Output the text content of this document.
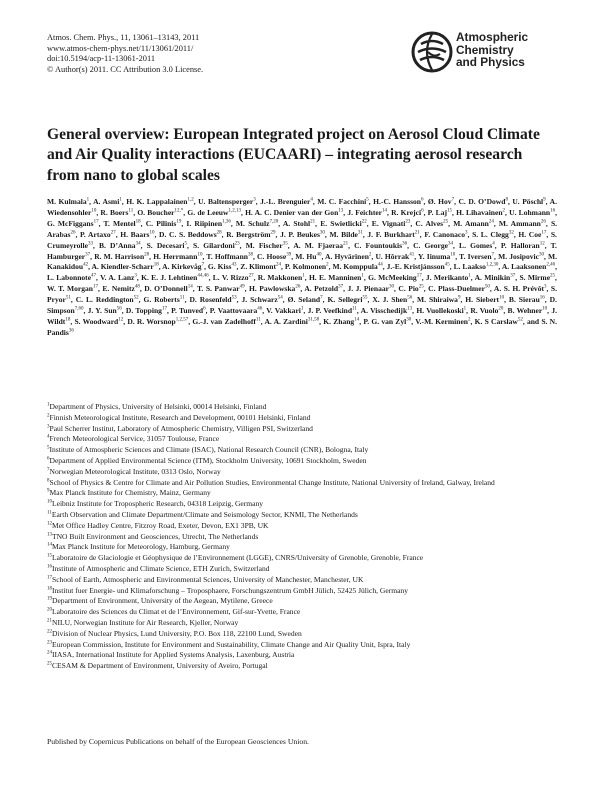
Atmos. Chem. Phys., 11, 13061–13143, 2011
www.atmos-chem-phys.net/11/13061/2011/
doi:10.5194/acp-11-13061-2011
© Author(s) 2011. CC Attribution 3.0 License.
Atmospheric
Chemistry
and Physics
General overview: European Integrated project on Aerosol Cloud Climate and Air Quality interactions (EUCAARI) – integrating aerosol research from nano to global scales

M. Kulmala$^1$, A. Asmi$^1$, H. K. Lappalainen$^{1,2}$, U. Baltensperger$^3$, J.-L. Brenguier$^4$, M. C. Facchini$^5$, H.-C. Hansson$^6$, Ø. Hov$^7$, C. D. O’Dowd$^8$, U. Pöschl$^9$, A. Wiedensohler$^{10}$, R. Boers$^{11}$, O. Boucher$^{12,*}$, G. de Leeuw$^{1,2,13}$, H. A. C. Denier van der Gon$^{13}$, J. Feichter$^{14}$, R. Krejci$^6$, P. Laj$^{15}$, H. Lihavainen$^2$, U. Lohmann$^{16}$, G. McFiggans$^{17}$, T. Mentel$^{18}$, C. Pilinis$^{19}$, I. Riipinen$^{1,36}$, M. Schulz$^{7,20}$, A. Stohl$^{21}$, E. Swietlicki$^{22}$, E. Vignati$^{23}$, C. Alves$^{25}$, M. Amann$^{24}$, M. Ammann$^{26}$, S. Arabas$^{26}$, P. Artaxo$^{27}$, H. Baars$^{10}$, D. C. S. Beddows$^{28}$, R. Bergström$^{29}$, J. P. Beukes$^{30}$, M. Bilde$^{31}$, J. F. Burkhart$^{21}$, F. Canonaco$^3$, S. L. Clegg$^{32}$, H. Coe$^{17}$, S. Crumeyrolle$^{33}$, B. D’Anna$^{34}$, S. Decesari$^5$, S. Gilardoni$^{23}$, M. Fischer$^{35}$, A. M. Fjaeraa$^{21}$, C. Fountoukis$^{36}$, C. George$^{34}$, L. Gomes$^4$, P. Halloran$^{12}$, T. Hamburger$^{37}$, R. M. Harrison$^{28}$, H. Herrmann$^{10}$, T. Hoffmann$^{38}$, C. Hoose$^{39}$, M. Hu$^{40}$, A. Hyvärinen$^2$, U. Hõrrak$^{41}$, Y. Iinuma$^{10}$, T. Iversen$^7$, M. Josipovic$^{30}$, M. Kanakidou$^{42}$, A. Kiendler-Scharr$^{18}$, A. Kirkevåg$^7$, G. Kiss$^{43}$, Z. Klimont$^{24}$, P. Kolmonen$^2$, M. Komppula$^{44}$, J.-E. Kristjánsson$^{45}$, L. Laakso$^{1,2,30}$, A. Laaksonen$^{2,46}$, L. Labonnote$^{47}$, V. A. Lanz$^3$, K. E. J. Lehtinen$^{44,46}$, L. V. Rizzo$^{27}$, R. Makkonen$^1$, H. E. Manninen$^1$, G. McMeeking$^{17}$, J. Merikanto$^1$, A. Minikin$^{37}$, S. Mirme$^{25}$, W. T. Morgan$^{17}$, E. Nemitz$^{48}$, D. O’Donnell$^{14}$, T. S. Panwar$^{49}$, H. Pawlowska$^{26}$, A. Petzold$^{37}$, J. J. Pienaar$^{30}$, C. Pio$^{25}$, C. Plass-Duelmer$^{50}$, A. S. H. Prévôt$^3$, S. Pryor$^{51}$, C. L. Reddington$^{52}$, G. Roberts$^{11}$, D. Rosenfeld$^{53}$, J. Schwarz$^{54}$, Ø. Seland$^7$, K. Sellegri$^{55}$, X. J. Shen$^{56}$, M. Shiraiwa$^9$, H. Siebert$^{10}$, B. Sierau$^{16}$, D. Simpson$^{7,60}$, J. Y. Sun$^{56}$, D. Topping$^{17}$, P. Tunved$^6$, P. Vaattovaara$^{46}$, V. Vakkari$^1$, J. P. Veefkind$^{11}$, A. Visschedijk$^{13}$, H. Vuollekoski$^1$, R. Vuolo$^{20}$, B. Wehner$^{10}$, J. Wildt$^{18}$, S. Woodward$^{12}$, D. R. Worsnop$^{1,2,57}$, G.-J. van Zadelhoff$^{11}$, A. A. Zardini$^{31,58}$, K. Zhang$^{14}$, P. G. van Zyl$^{30}$, V.-M. Kerminen$^2$, K. S Carslaw$^{52}$, and S. N. Pandis$^{36}$

$^1$Department of Physics, University of Helsinki, 00014 Helsinki, Finland
$^2$Finnish Meteorological Institute, Research and Development, 00101 Helsinki, Finland
$^3$Paul Scherrer Institut, Laboratory of Atmospheric Chemistry, Villigen PSI, Switzerland
$^4$French Meteorological Service, 31057 Toulouse, France
$^5$Institute of Atmospheric Sciences and Climate (ISAC), National Research Council (CNR), Bologna, Italy
$^6$Department of Applied Environmental Science (ITM), Stockholm University, 10691 Stockholm, Sweden
$^7$Norwegian Meteorological Institute, 0313 Oslo, Norway
$^8$School of Physics & Centre for Climate and Air Pollution Studies, Environmental Change Institute, National University of Ireland, Galway, Ireland
$^9$Max Planck Institute for Chemistry, Mainz, Germany
$^{10}$Leibniz Institute for Tropospheric Research, 04318 Leipzig, Germany
$^{11}$Earth Observation and Climate Department/Climate and Seismology Sector, KNMI, The Netherlands
$^{12}$Met Office Hadley Centre, Fitzroy Road, Exeter, Devon, EX1 3PB, UK
$^{13}$TNO Built Environment and Geosciences, Utrecht, The Netherlands
$^{14}$Max Planck Institute for Meteorology, Hamburg, Germany
$^{15}$Laboratoire de Glaciologie et Géophysique de l’Environnement (LGGE), CNRS/University of Grenoble, Grenoble, France
$^{16}$Institute of Atmospheric and Climate Science, ETH Zurich, Switzerland
$^{17}$School of Earth, Atmospheric and Environmental Sciences, University of Manchester, Manchester, UK
$^{18}$Institut fuer Energie- und Klimaforschung – Troposphaere, Forschungszentrum GmbH Jülich, 52425 Jülich, Germany
$^{19}$Department of Environment, University of the Aegean, Mytilene, Greece
$^{20}$Laboratoire des Sciences du Climat et de l’Environnement, Gif-sur-Yvette, France
$^{21}$NILU, Norwegian Institute for Air Research, Kjeller, Norway
$^{22}$Division of Nuclear Physics, Lund University, P.O. Box 118, 22100 Lund, Sweden
$^{23}$European Commission, Institute for Environment and Sustainability, Climate Change and Air Quality Unit, Ispra, Italy
$^{24}$IIASA, International Institute for Applied Systems Analysis, Laxenburg, Austria
$^{25}$CESAM & Department of Environment, University of Aveiro, Portugal
Published by Copernicus Publications on behalf of the European Geosciences Union.
